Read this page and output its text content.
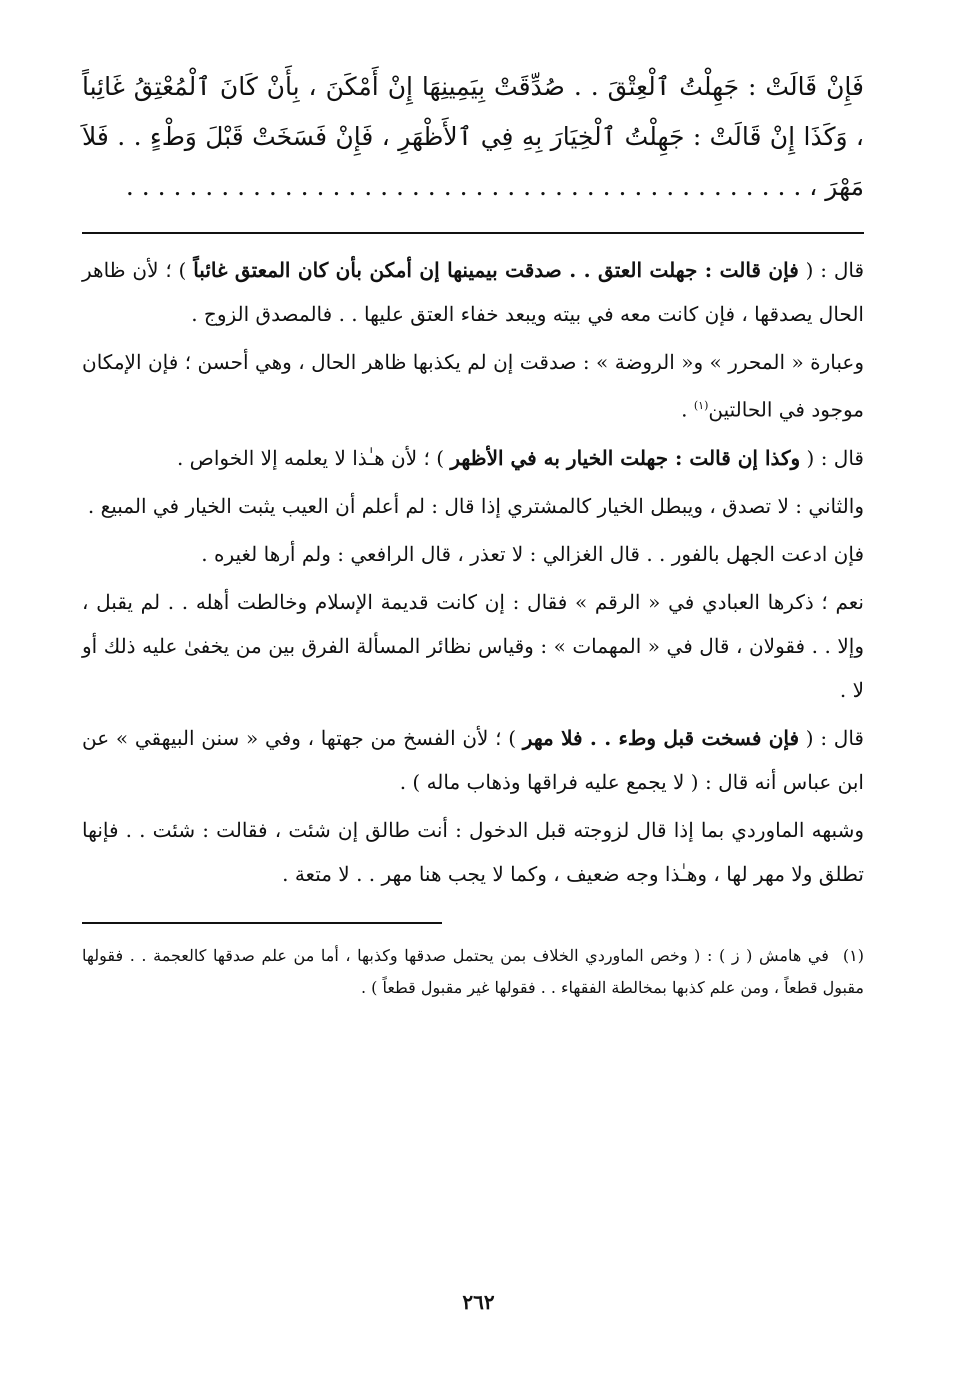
فَإِنْ قَالَتْ : جَهِلْتُ ٱلْعِتْقَ . . صُدِّقَتْ بِيَمِينِهَا إِنْ أَمْكَنَ ، بِأَنْ كَانَ ٱلْمُعْتِقُ غَائِباً ، وَكَذَا إِنْ قَالَتْ : جَهِلْتُ ٱلْخِيَارَ بِهِ فِي ٱلأَظْهَرِ ، فَإِنْ فَسَخَتْ قَبْلَ وَطْءٍ . . فَلاَ مَهْرَ ، . . . . . . . . . . . . . . . . . . . . . . . . . . . . . . . . . . . . . . . . . . .
قال : ( فإن قالت : جهلت العتق . . صدقت بيمينها إن أمكن بأن كان المعتق غائباً ) ؛ لأن ظاهر الحال يصدقها ، فإن كانت معه في بيته ويبعد خفاء العتق عليها . . فالمصدق الزوج .
وعبارة « المحرر » و« الروضة » : صدقت إن لم يكذبها ظاهر الحال ، وهي أحسن ؛ فإن الإمكان موجود في الحالتين$^{(١)}$ .
قال : ( وكذا إن قالت : جهلت الخيار به في الأظهر ) ؛ لأن هـٰذا لا يعلمه إلا الخواص .
والثاني : لا تصدق ، ويبطل الخيار كالمشتري إذا قال : لم أعلم أن العيب يثبت الخيار في المبيع .
فإن ادعت الجهل بالفور . . قال الغزالي : لا تعذر ، قال الرافعي : ولم أرها لغيره .
نعم ؛ ذكرها العبادي في « الرقم » فقال : إن كانت قديمة الإسلام وخالطت أهله . . لم يقبل ، وإلا . . فقولان ، قال في « المهمات » : وقياس نظائر المسألة الفرق بين من يخفىٰ عليه ذلك أو لا .
قال : ( فإن فسخت قبل وطء . . فلا مهر ) ؛ لأن الفسخ من جهتها ، وفي « سنن البيهقي » عن ابن عباس أنه قال : ( لا يجمع عليه فراقها وذهاب ماله ) .
وشبهه الماوردي بما إذا قال لزوجته قبل الدخول : أنت طالق إن شئت ، فقالت : شئت . . فإنها تطلق ولا مهر لها ، وهـٰذا وجه ضعيف ، وكما لا يجب هنا مهر . . لا متعة .
(١)في هامش ( ز ) : ( وخص الماوردي الخلاف بمن يحتمل صدقها وكذبها ، أما من علم صدقها كالعجمة . . فقولها مقبول قطعاً ، ومن علم كذبها بمخالطة الفقهاء . . فقولها غير مقبول قطعاً ) .
٢٦٢
